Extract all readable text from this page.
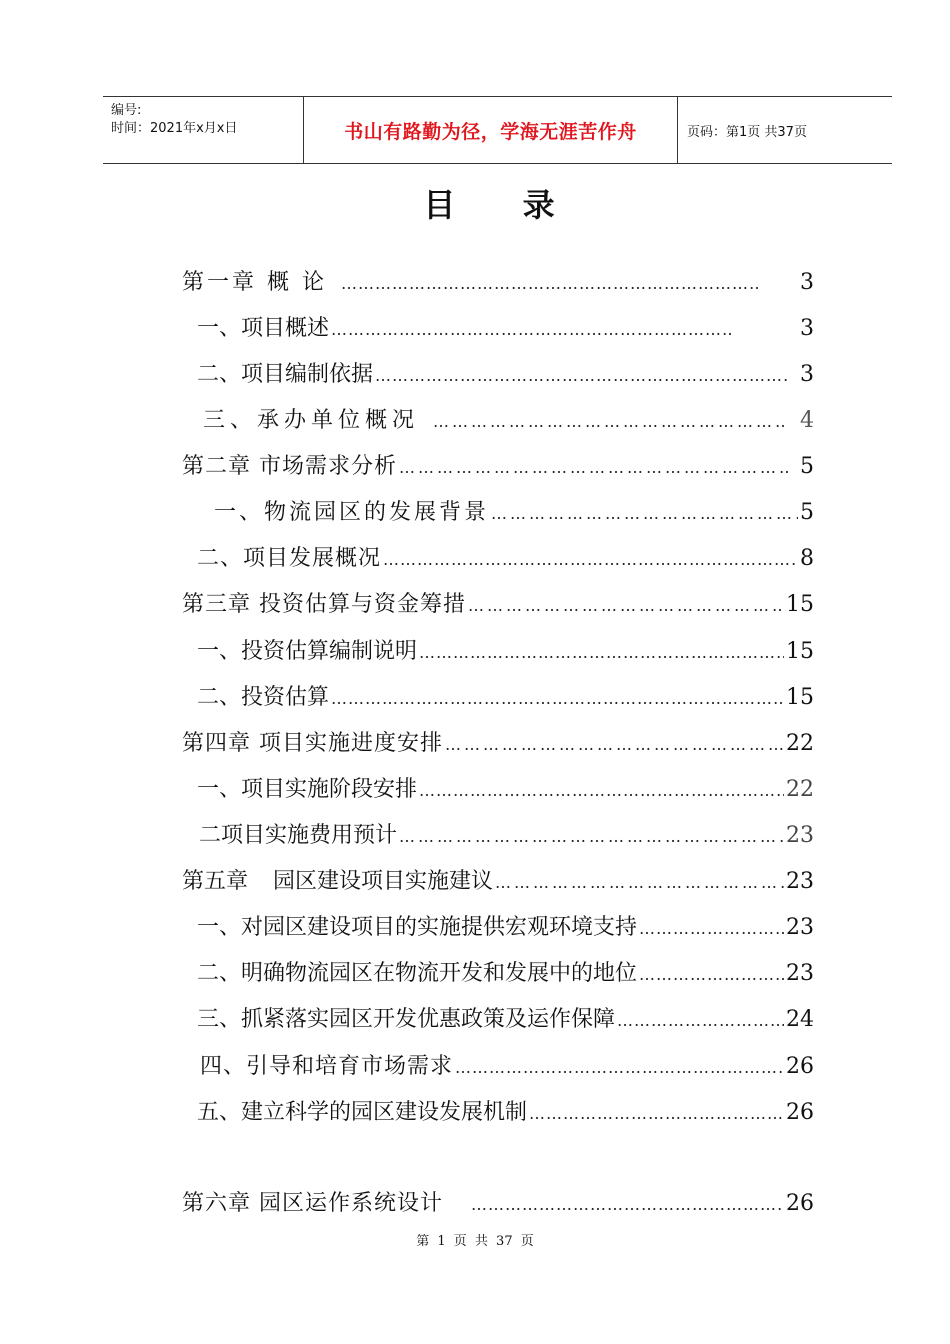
编号:
时间：2021年x月x日	书山有路勤为径，学海无涯苦作舟	页码：第1页 共37页
目 录
第一章 概 论 …………………………………………………………………………………………………………………………	3
一、项目概述 …………………………………………………………………………………………………………………………	3
二、项目编制依据 …………………………………………………………………………………………………………………………	3
三、承办单位概况 …………………………………………………………………………………………………………………………	4
第二章 市场需求分析 …………………………………………………………………………………………………………………………	5
一、物流园区的发展背景 …………………………………………………………………………………………………………………………	5
二、项目发展概况 …………………………………………………………………………………………………………………………	8
第三章 投资估算与资金筹措 …………………………………………………………………………………………………………………………	15
一、投资估算编制说明 …………………………………………………………………………………………………………………………	15
二、投资估算 …………………………………………………………………………………………………………………………	15
第四章 项目实施进度安排 …………………………………………………………………………………………………………………………	22
一、项目实施阶段安排 …………………………………………………………………………………………………………………………	22
二项目实施费用预计 …………………………………………………………………………………………………………………………	23
第五章 园区建设项目实施建议 …………………………………………………………………………………………………………………………	23
一、对园区建设项目的实施提供宏观环境支持 …………………………………………………………………………………………………………………………	23
二、明确物流园区在物流开发和发展中的地位 …………………………………………………………………………………………………………………………	23
三、抓紧落实园区开发优惠政策及运作保障 …………………………………………………………………………………………………………………………	24
四、引导和培育市场需求 …………………………………………………………………………………………………………………………	26
五、建立科学的园区建设发展机制 …………………………………………………………………………………………………………………………	26
第六章 园区运作系统设计 …………………………………………………………………………………………………………………………	26
第 1 页 共 37 页
